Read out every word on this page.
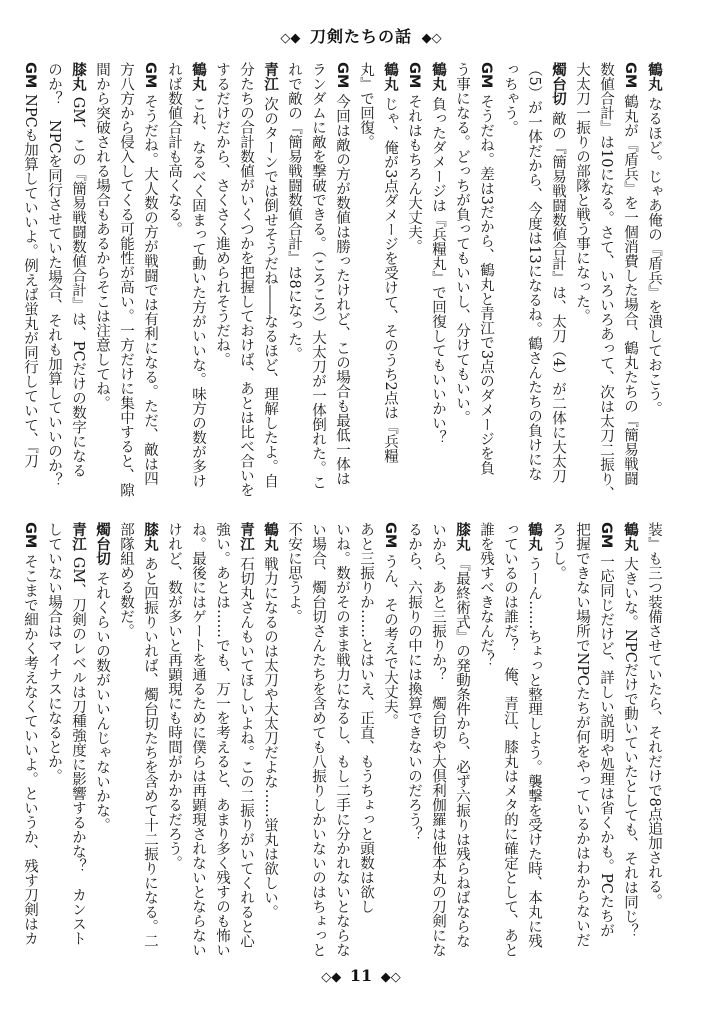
◇◆ 刀剣たちの話 ◆◇
鶴丸なるほど。じゃあ俺の『盾兵』を潰しておこう。
GM鶴丸が『盾兵』を一個消費した場合、鶴丸たちの『簡易戦闘
数値合計』は10になる。さて、いろいろあって、次は太刀二振り、
大太刀一振りの部隊と戦う事になった。
燭台切敵の『簡易戦闘数値合計』は、太刀（4）が二体に大太刀
（5）が一体だから、今度は13になるね。鶴さんたちの負けにな
っちゃう。
GMそうだね。差は3だから、鶴丸と青江で3点のダメージを負
う事になる。どっちが負ってもいいし、分けてもいい。
鶴丸負ったダメージは『兵糧丸』で回復してもいいかい？
GMそれはもちろん大丈夫。
鶴丸じゃ、俺が3点ダメージを受けて、そのうち2点は『兵糧
丸』で回復。
GM今回は敵の方が数値は勝ったけれど、この場合も最低一体は
ランダムに敵を撃破できる。（ころころ）大太刀が一体倒れた。こ
れで敵の『簡易戦闘数値合計』は8になった。
青江次のターンでは倒せそうだね――なるほど、理解したよ。自
分たちの合計数値がいくつかを把握しておけば、あとは比べ合いを
するだけだから、さくさく進められそうだね。
鶴丸これ、なるべく固まって動いた方がいいな。味方の数が多け
れば数値合計も高くなる。
GMそうだね。大人数の方が戦闘では有利になる。ただ、敵は四
方八方から侵入してくる可能性が高い。一方だけに集中すると、隙
間から突破される場合もあるからそこは注意してね。
膝丸GM、この『簡易戦闘数値合計』は、PCだけの数字になる
のか？　NPCを同行させていた場合、それも加算していいのか？
GMNPCも加算していいよ。例えば蛍丸が同行していて、『刀
装』も三つ装備させていたら、それだけで8点追加される。
鶴丸大きいな。NPCだけで動いていたとしても、それは同じ？
GM一応同じだけど、詳しい説明や処理は省くかも。PCたちが
把握できない場所でNPCたちが何をやっているかはわからないだ
ろうし。
鶴丸うーん……ちょっと整理しよう。襲撃を受けた時、本丸に残
っているのは誰だ？　俺、青江、膝丸はメタ的に確定として、あと
誰を残すべきなんだ？
膝丸『最終術式』の発動条件から、必ず六振りは残らねばならな
いから、あと三振りか？　燭台切や大倶利伽羅は他本丸の刀剣にな
るから、六振りの中には換算できないのだろう？
GMうん、その考えで大丈夫。
あと三振りか……とはいえ、正直、もうちょっと頭数は欲し
いね。数がそのまま戦力になるし、もし二手に分かれないとならな
い場合、燭台切さんたちを含めても八振りしかいないのはちょっと
不安に思うよ。
鶴丸戦力になるのは太刀や大太刀だよな……蛍丸は欲しい。
青江石切丸さんもいてほしいよね。この二振りがいてくれると心
強い。あとは……でも、万一を考えると、あまり多く残すのも怖い
ね。最後にはゲートを通るために僕らは再顕現されないとならない
けれど、数が多いと再顕現にも時間がかかるだろう。
膝丸あと四振りいれば、燭台切たちを含めて十二振りになる。二
部隊組める数だ。
燭台切それくらいの数がいいんじゃないかな。
青江GM、刀剣のレベルは刀種強度に影響するかな？　カンスト
していない場合はマイナスになるとか。
GMそこまで細かく考えなくていいよ。というか、残す刀剣はカ
◇◆ 11 ◆◇
